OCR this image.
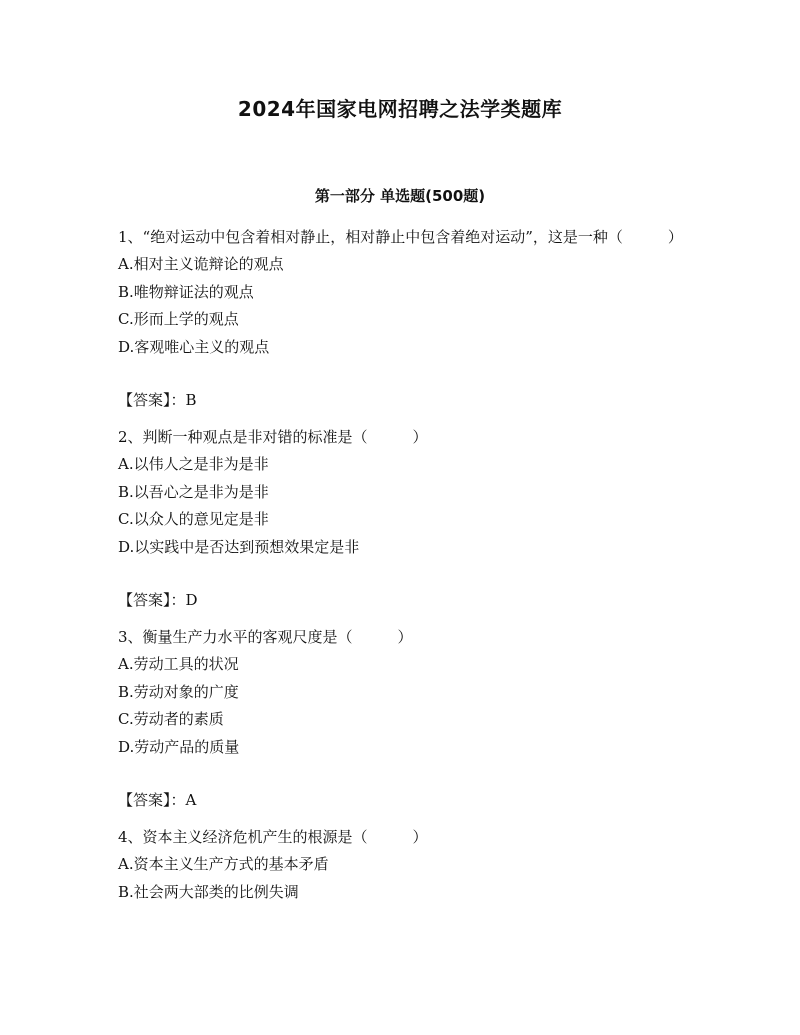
2024年国家电网招聘之法学类题库
第一部分 单选题(500题)

1、“绝对运动中包含着相对静止，相对静止中包含着绝对运动”，这是一种（　　　）

A.相对主义诡辩论的观点

B.唯物辩证法的观点

C.形而上学的观点

D.客观唯心主义的观点

【答案】：B

2、判断一种观点是非对错的标准是（　　　）

A.以伟人之是非为是非

B.以吾心之是非为是非

C.以众人的意见定是非

D.以实践中是否达到预想效果定是非

【答案】：D

3、衡量生产力水平的客观尺度是（　　　）

A.劳动工具的状况

B.劳动对象的广度

C.劳动者的素质

D.劳动产品的质量

【答案】：A

4、资本主义经济危机产生的根源是（　　　）

A.资本主义生产方式的基本矛盾

B.社会两大部类的比例失调
